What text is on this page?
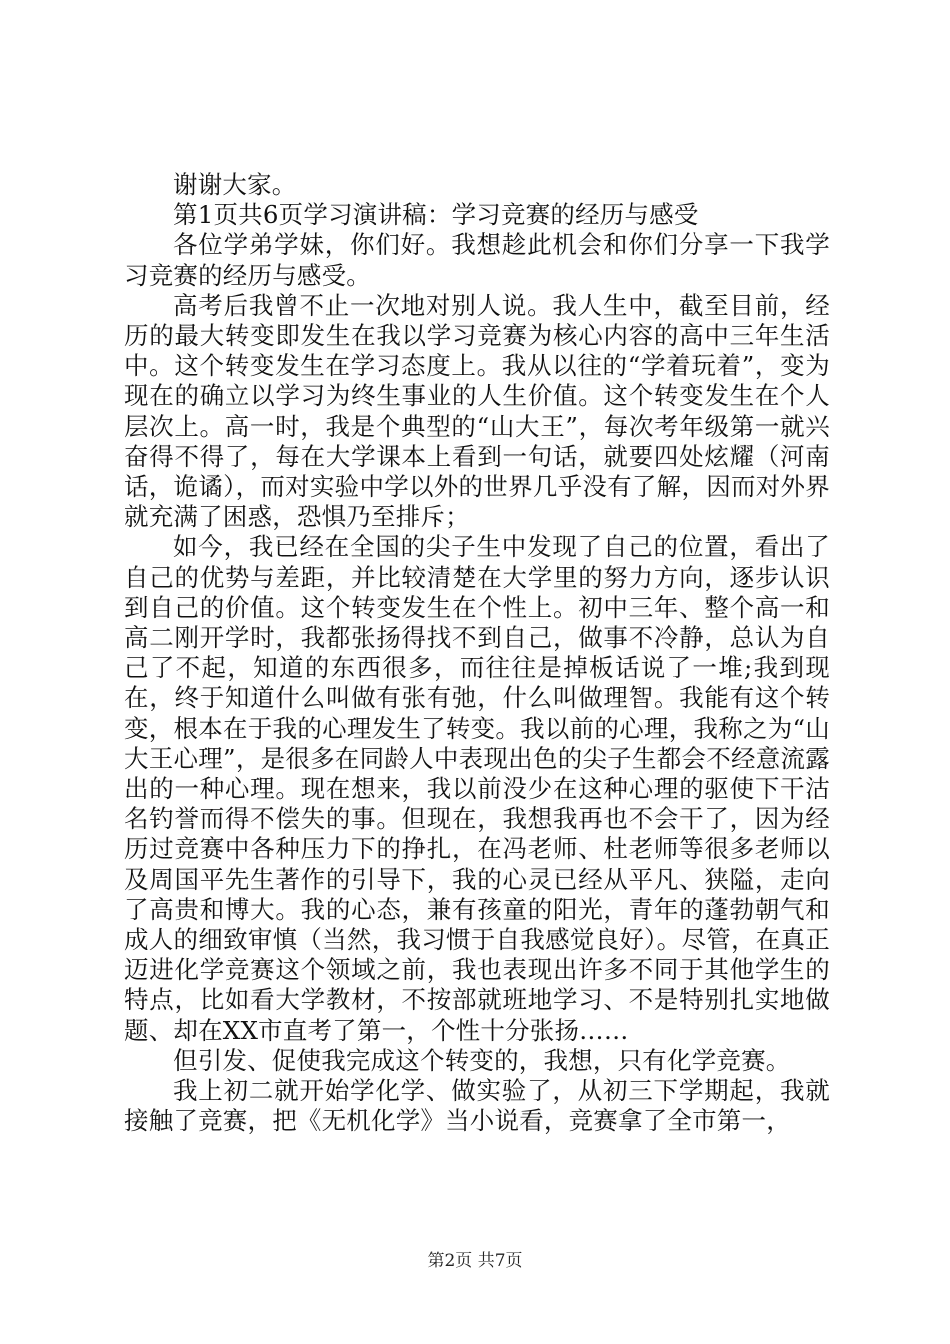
谢谢大家。

第1页共6页学习演讲稿：学习竞赛的经历与感受

各位学弟学妹，你们好。我想趁此机会和你们分享一下我学习竞赛的经历与感受。

高考后我曾不止一次地对别人说。我人生中，截至目前，经历的最大转变即发生在我以学习竞赛为核心内容的高中三年生活中。这个转变发生在学习态度上。我从以往的“学着玩着”，变为现在的确立以学习为终生事业的人生价值。这个转变发生在个人层次上。高一时，我是个典型的“山大王”，每次考年级第一就兴奋得不得了，每在大学课本上看到一句话，就要四处炫耀（河南话，诡谲），而对实验中学以外的世界几乎没有了解，因而对外界就充满了困惑，恐惧乃至排斥；

如今，我已经在全国的尖子生中发现了自己的位置，看出了自己的优势与差距，并比较清楚在大学里的努力方向，逐步认识到自己的价值。这个转变发生在个性上。初中三年、整个高一和高二刚开学时，我都张扬得找不到自己，做事不冷静，总认为自己了不起，知道的东西很多，而往往是掉板话说了一堆;我到现在，终于知道什么叫做有张有弛，什么叫做理智。我能有这个转变，根本在于我的心理发生了转变。我以前的心理，我称之为“山大王心理”，是很多在同龄人中表现出色的尖子生都会不经意流露出的一种心理。现在想来，我以前没少在这种心理的驱使下干沽名钓誉而得不偿失的事。但现在，我想我再也不会干了，因为经历过竞赛中各种压力下的挣扎，在冯老师、杜老师等很多老师以及周国平先生著作的引导下，我的心灵已经从平凡、狭隘，走向了高贵和博大。我的心态，兼有孩童的阳光，青年的蓬勃朝气和成人的细致审慎（当然，我习惯于自我感觉良好）。尽管，在真正迈进化学竞赛这个领域之前，我也表现出许多不同于其他学生的特点，比如看大学教材，不按部就班地学习、不是特别扎实地做题、却在XX市直考了第一，个性十分张扬……

但引发、促使我完成这个转变的，我想，只有化学竞赛。

我上初二就开始学化学、做实验了，从初三下学期起，我就接触了竞赛，把《无机化学》当小说看，竞赛拿了全市第一，

第2页 共7页
